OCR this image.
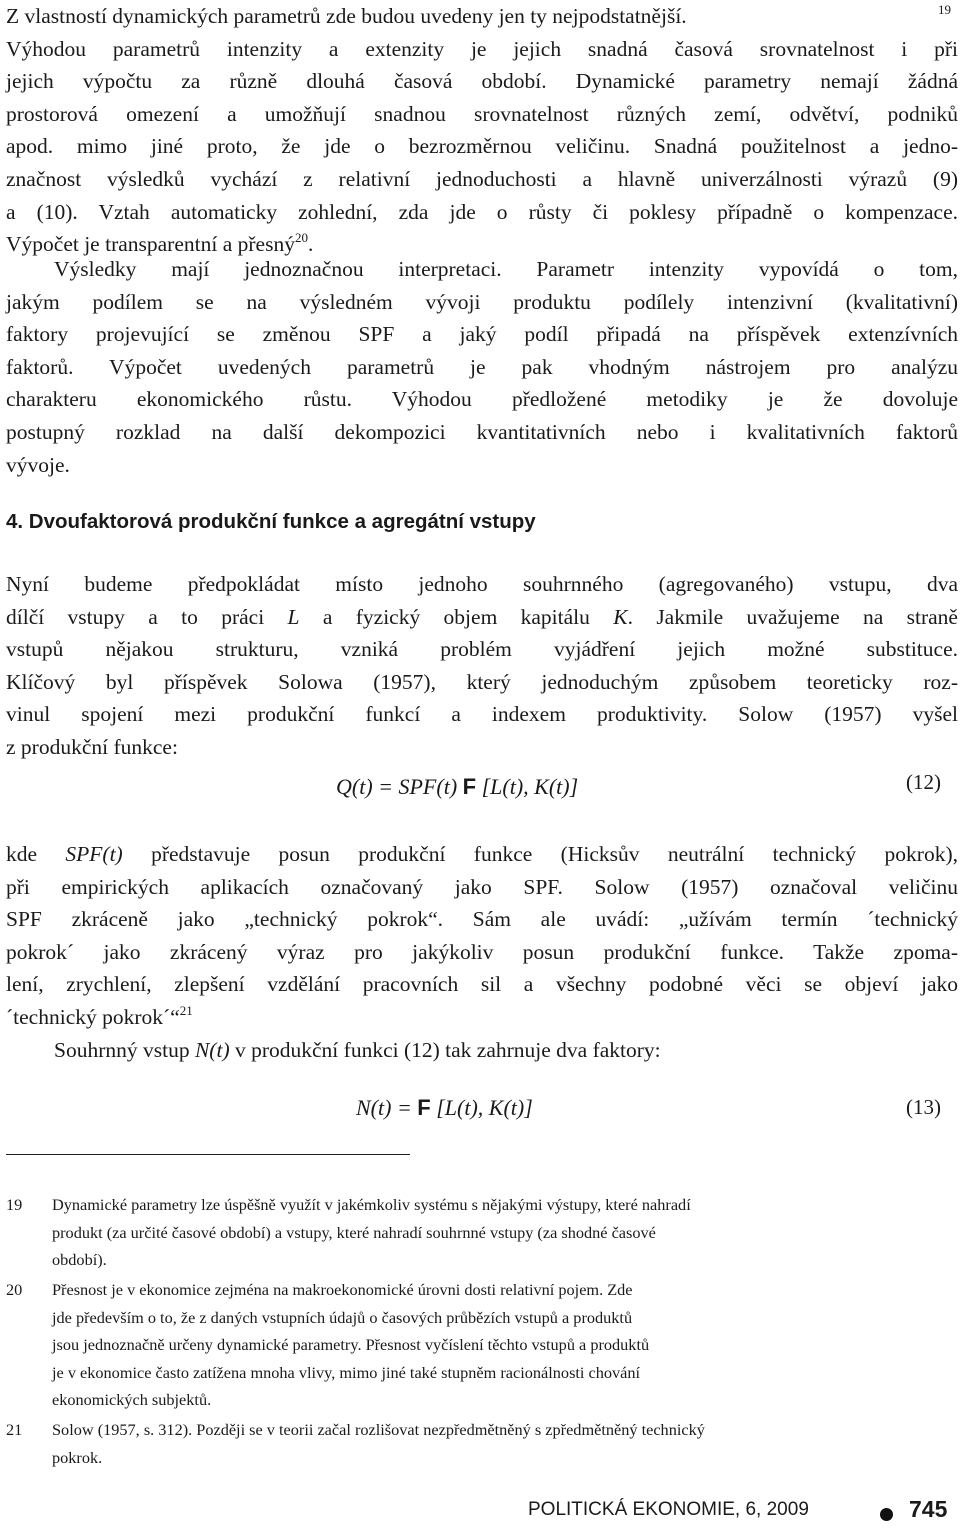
Z vlastností dynamických parametrů zde budou uvedeny jen ty nejpodstatnější.
Výhodou parametrů intenzity a extenzity je jejich snadná časová srovnatelnost i při
jejich výpočtu za různě dlouhá časová období. Dynamické parametry nemají žádná
prostorová omezení a umožňují snadnou srovnatelnost různých zemí, odvětví, podniků
apod. mimo jiné proto, že jde o bezrozměrnou veličinu. Snadná použitelnost a jedno-
značnost výsledků vychází z relativní jednoduchosti a hlavně univerzálnosti výrazů (9)
a (10). Vztah automaticky zohlední, zda jde o růsty či poklesy případně o kompenzace.
Výpočet je transparentní a přesný$^{20}$.
19
Výsledky mají jednoznačnou interpretaci. Parametr intenzity vypovídá o tom,
jakým podílem se na výsledném vývoji produktu podílely intenzivní (kvalitativní)
faktory projevující se změnou SPF a jaký podíl připadá na příspěvek extenzívních
faktorů. Výpočet uvedených parametrů je pak vhodným nástrojem pro analýzu
charakteru ekonomického růstu. Výhodou předložené metodiky je že dovoluje
postupný rozklad na další dekompozici kvantitativních nebo i kvalitativních faktorů
vývoje.
4. Dvoufaktorová produkční funkce a agregátní vstupy
Nyní budeme předpokládat místo jednoho souhrnného (agregovaného) vstupu, dva
dílčí vstupy a to práci L a fyzický objem kapitálu K. Jakmile uvažujeme na straně
vstupů nějakou strukturu, vzniká problém vyjádření jejich možné substituce.
Klíčový byl příspěvek Solowa (1957), který jednoduchým způsobem teoreticky roz-
vinul spojení mezi produkční funkcí a indexem produktivity. Solow (1957) vyšel
z produkční funkce:
Q(t) = SPF(t) F [L(t), K(t)]	(12)
kde SPF(t) představuje posun produkční funkce (Hicksův neutrální technický pokrok),
při empirických aplikacích označovaný jako SPF. Solow (1957) označoval veličinu
SPF zkráceně jako „technický pokrok“. Sám ale uvádí: „užívám termín ´technický
pokrok´ jako zkrácený výraz pro jakýkoliv posun produkční funkce. Takže zpoma-
lení, zrychlení, zlepšení vzdělání pracovních sil a všechny podobné věci se objeví jako
´technický pokrok´“$^{21}$
Souhrnný vstup N(t) v produkční funkci (12) tak zahrnuje dva faktory:
N(t) = F [L(t), K(t)]	(13)
19	Dynamické parametry lze úspěšně využít v jakémkoliv systému s nějakými výstupy, které nahradí
produkt (za určité časové období) a vstupy, které nahradí souhrnné vstupy (za shodné časové
období).
20	Přesnost je v ekonomice zejména na makroekonomické úrovni dosti relativní pojem. Zde
jde především o to, že z daných vstupních údajů o časových průbězích vstupů a produktů
jsou jednoznačně určeny dynamické parametry. Přesnost vyčíslení těchto vstupů a produktů
je v ekonomice často zatížena mnoha vlivy, mimo jiné také stupněm racionálnosti chování
ekonomických subjektů.
21	Solow (1957, s. 312). Později se v teorii začal rozlišovat nezpředmětněný s zpředmětněný technický
pokrok.
POLITICKÁ EKONOMIE, 6, 2009	745
